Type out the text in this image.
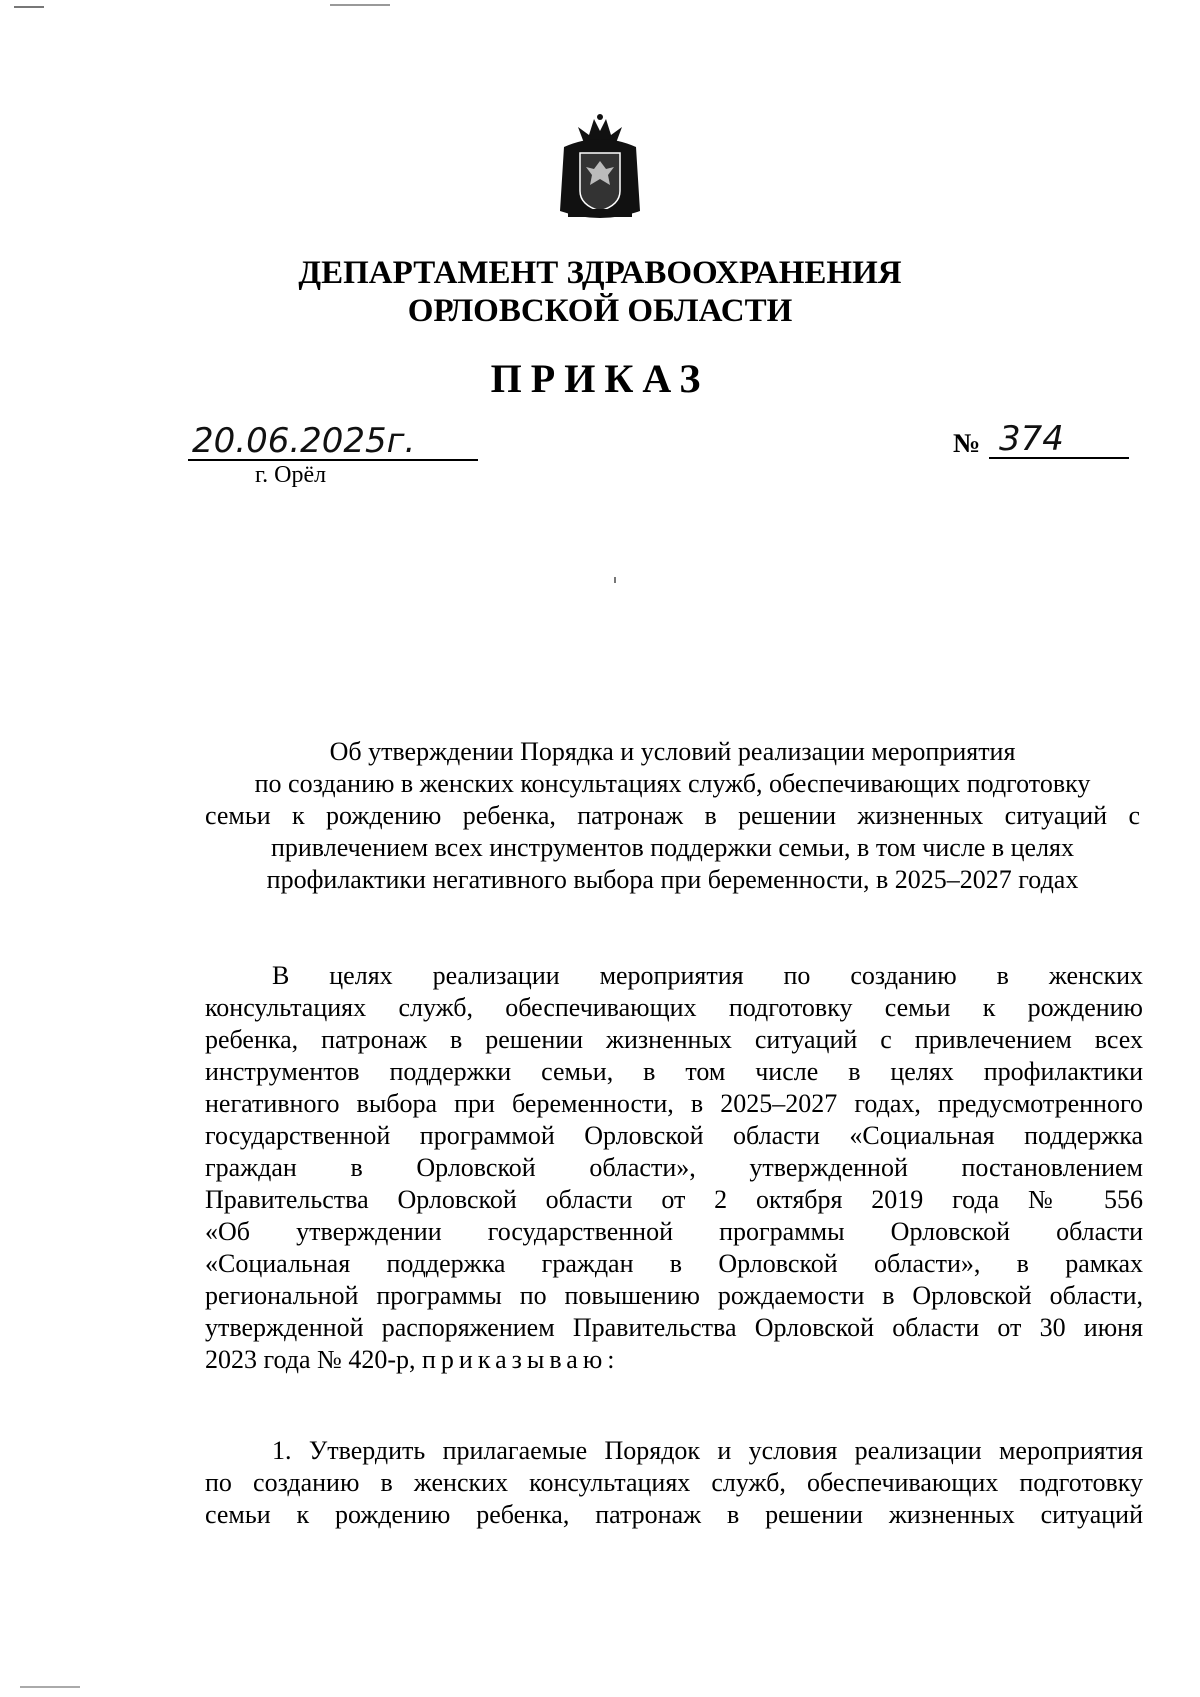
ДЕПАРТАМЕНТ ЗДРАВООХРАНЕНИЯ
ОРЛОВСКОЙ ОБЛАСТИ
ПРИКАЗ
20.06.2025г.
г. Орёл
№ 374
Об утверждении Порядка и условий реализации мероприятия
по созданию в женских консультациях служб, обеспечивающих подготовку
семьи к рождению ребенка, патронаж в решении жизненных ситуаций с
привлечением всех инструментов поддержки семьи, в том числе в целях
профилактики негативного выбора при беременности, в 2025–2027 годах
В целях реализации мероприятия по созданию в женских
консультациях служб, обеспечивающих подготовку семьи к рождению
ребенка, патронаж в решении жизненных ситуаций с привлечением всех
инструментов поддержки семьи, в том числе в целях профилактики
негативного выбора при беременности, в 2025–2027 годах, предусмотренного
государственной программой Орловской области «Социальная поддержка
граждан в Орловской области», утвержденной постановлением
Правительства Орловской области от 2 октября 2019 года № 556
«Об утверждении государственной программы Орловской области
«Социальная поддержка граждан в Орловской области», в рамках
региональной программы по повышению рождаемости в Орловской области,
утвержденной распоряжением Правительства Орловской области от 30 июня
2023 года № 420-р, приказываю:
1. Утвердить прилагаемые Порядок и условия реализации мероприятия
по созданию в женских консультациях служб, обеспечивающих подготовку
семьи к рождению ребенка, патронаж в решении жизненных ситуаций
